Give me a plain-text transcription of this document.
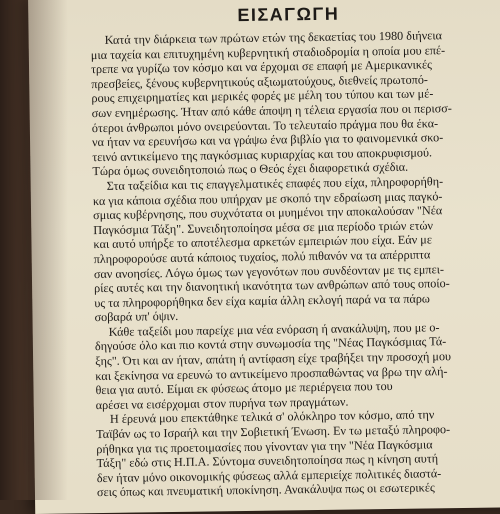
ΕΙΣΑΓΩΓΗ
Κατά την διάρκεια των πρώτων ετών της δεκαετίας του 1980 διήνεια
μια ταχεία και επιτυχημένη κυβερνητική σταδιοδρομία η οποία μου επέ-
τρεπε να γυρίζω τον κόσμο και να έρχομαι σε επαφή με Αμερικανικές
πρεσβείες, ξένους κυβερνητικούς αξιωματούχους, διεθνείς πρωτοπό-
ρους επιχειρηματίες και μερικές φορές με μέλη του τύπου και των μέ-
σων ενημέρωσης. Ήταν από κάθε άποψη η τέλεια εργασία που οι περισσ-
ότεροι άνθρωποι μόνο ονειρεύονται. Το τελευταίο πράγμα που θα έκα-
να ήταν να ερευνήσω και να γράψω ένα βιβλίο για το φαινομενικά σκο-
τεινό αντικείμενο της παγκόσμιας κυριαρχίας και του αποκρυφισμού.
Τώρα όμως συνειδητοποιώ πως ο Θεός έχει διαφορετικά σχέδια.
Στα ταξείδια και τις επαγγελματικές επαφές που είχα, πληροφορήθη-
κα για κάποια σχέδια που υπήρχαν με σκοπό την εδραίωση μιας παγκό-
σμιας κυβέρνησης, που συχνότατα οι μυημένοι την αποκαλούσαν "Νέα
Παγκόσμια Τάξη". Συνειδητοποίησα μέσα σε μια περίοδο τριών ετών
και αυτό υπήρξε το αποτέλεσμα αρκετών εμπειριών που είχα. Εάν με
πληροφορούσε αυτά κάποιος τυχαίος, πολύ πιθανόν να τα απέρριπτα
σαν ανοησίες. Λόγω όμως των γεγονότων που συνδέονταν με τις εμπει-
ρίες αυτές και την διανοητική ικανότητα των ανθρώπων από τους οποίο-
υς τα πληροφορήθηκα δεν είχα καμία άλλη εκλογή παρά να τα πάρω
σοβαρά υπ' όψιν.
Κάθε ταξείδι μου παρείχε μια νέα ενόραση ή ανακάλυψη, που με ο-
δηγούσε όλο και πιο κοντά στην συνωμοσία της "Νέας Παγκόσμιας Τά-
ξης". Ότι και αν ήταν, απάτη ή αντίφαση είχε τραβήξει την προσοχή μου
και ξεκίνησα να ερευνώ το αντικείμενο προσπαθώντας να βρω την αλή-
θεια για αυτό. Είμαι εκ φύσεως άτομο με περιέργεια που του
αρέσει να εισέρχομαι στον πυρήνα των πραγμάτων.
Η έρευνά μου επεκτάθηκε τελικά σ' ολόκληρο τον κόσμο, από την
Ταϊβάν ως το Ισραήλ και την Σοβιετική Ένωση. Εν τω μεταξύ πληροφο-
ρήθηκα για τις προετοιμασίες που γίνονταν για την "Νέα Παγκόσμια
Τάξη" εδώ στις Η.Π.Α. Σύντομα συνειδητοποίησα πως η κίνηση αυτή
δεν ήταν μόνο οικονομικής φύσεως αλλά εμπεριείχε πολιτικές διαστά-
σεις όπως και πνευματική υποκίνηση. Ανακάλυψα πως οι εσωτερικές
